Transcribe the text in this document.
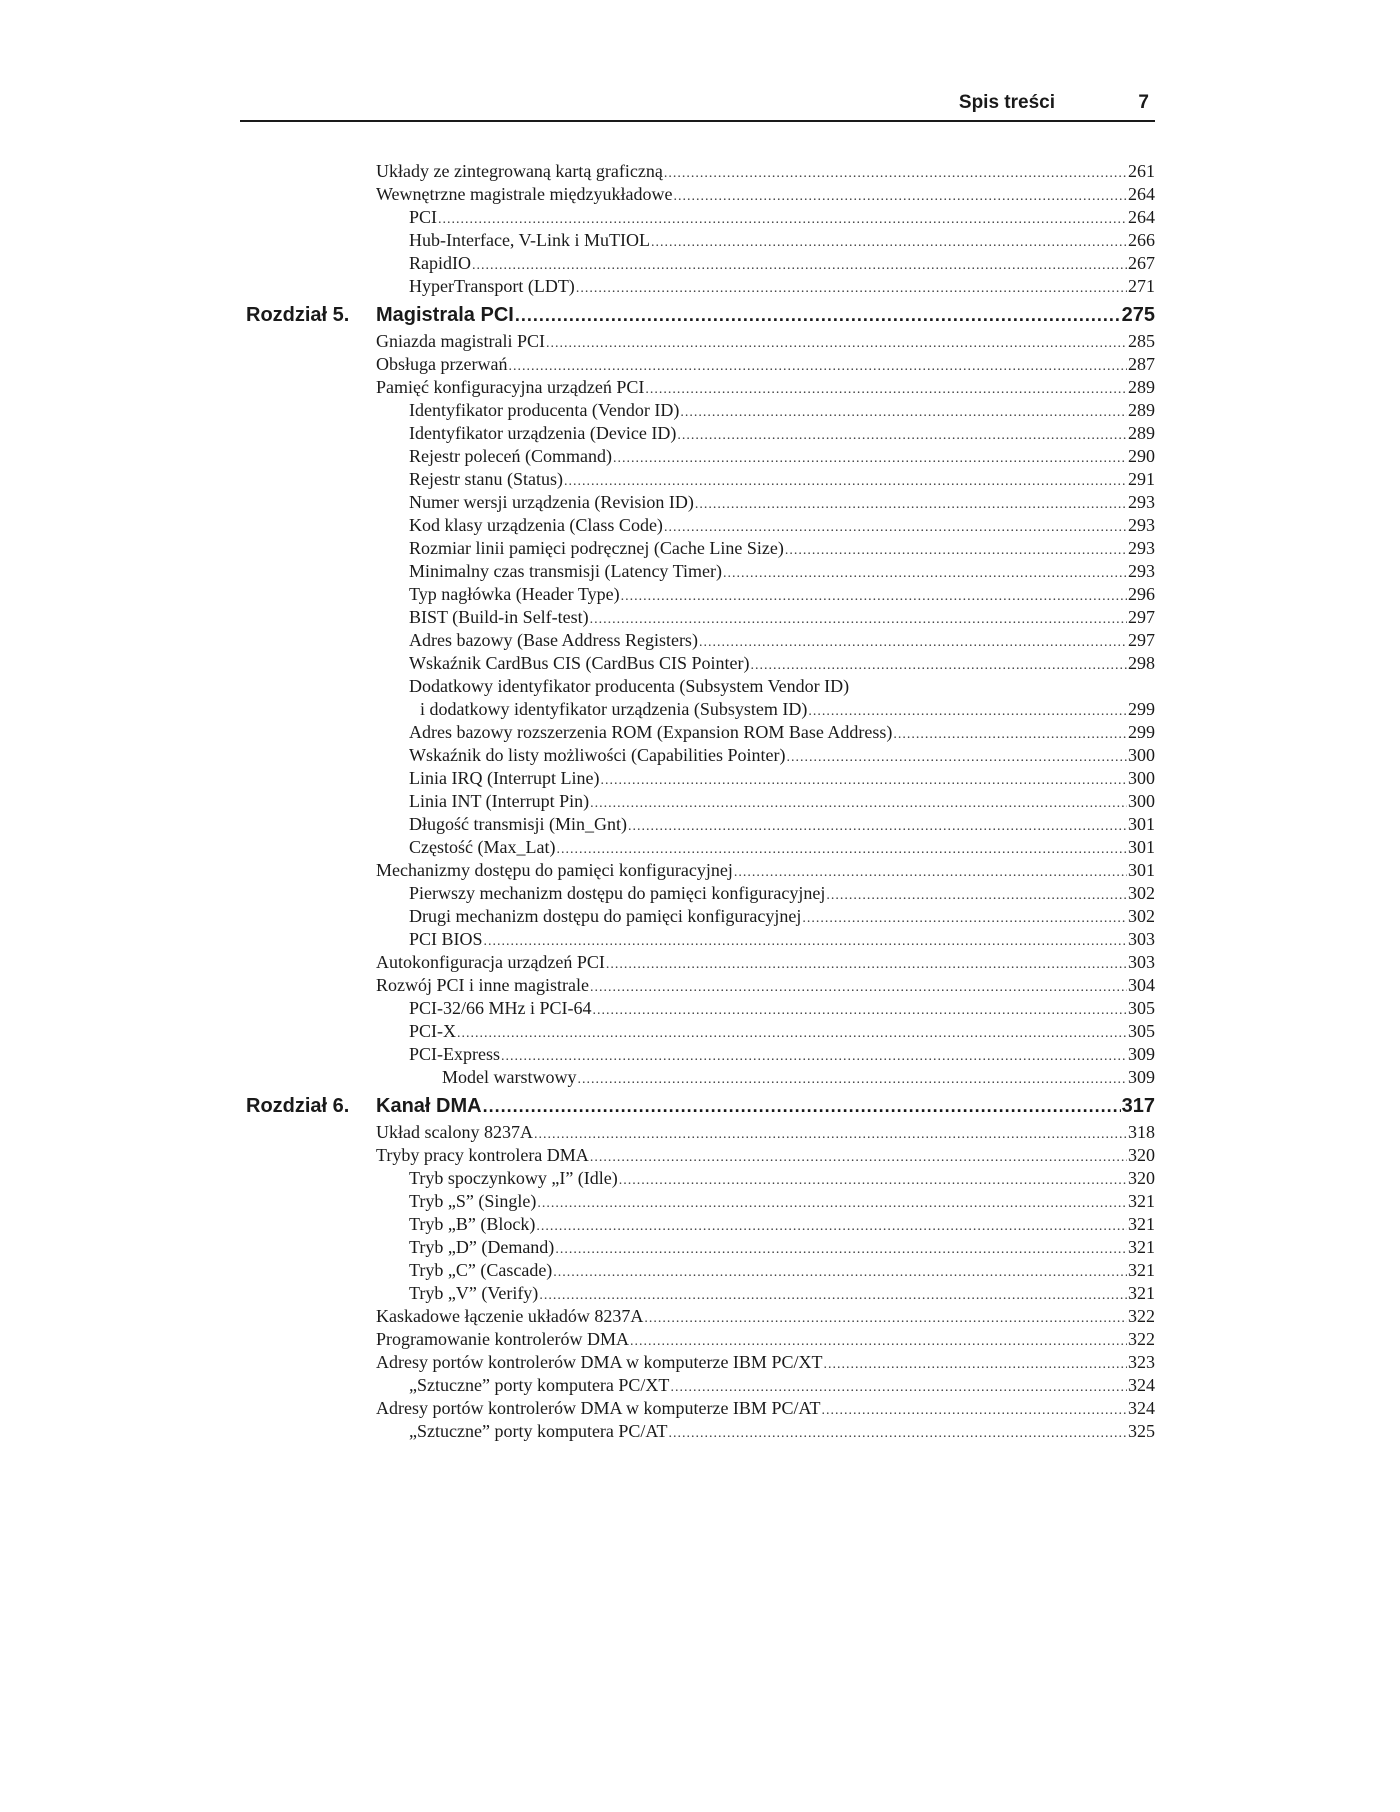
Spis treści	7
Układy ze zintegrowaną kartą graficzną .....	261
Wewnętrzne magistrale międzyukładowe .....	264
PCI .....	264
Hub-Interface, V-Link i MuTIOL .....	266
RapidIO .....	267
HyperTransport (LDT) .....	271
Rozdział 5. Magistrala PCI .....	275
Gniazda magistrali PCI .....	285
Obsługa przerwań .....	287
Pamięć konfiguracyjna urządzeń PCI .....	289
Identyfikator producenta (Vendor ID) .....	289
Identyfikator urządzenia (Device ID) .....	289
Rejestr poleceń (Command) .....	290
Rejestr stanu (Status) .....	291
Numer wersji urządzenia (Revision ID) .....	293
Kod klasy urządzenia (Class Code) .....	293
Rozmiar linii pamięci podręcznej (Cache Line Size) .....	293
Minimalny czas transmisji (Latency Timer) .....	293
Typ nagłówka (Header Type) .....	296
BIST (Build-in Self-test) .....	297
Adres bazowy (Base Address Registers) .....	297
Wskaźnik CardBus CIS (CardBus CIS Pointer) .....	298
Dodatkowy identyfikator producenta (Subsystem Vendor ID)
i dodatkowy identyfikator urządzenia (Subsystem ID) .....	299
Adres bazowy rozszerzenia ROM (Expansion ROM Base Address) .....	299
Wskaźnik do listy możliwości (Capabilities Pointer) .....	300
Linia IRQ (Interrupt Line) .....	300
Linia INT (Interrupt Pin) .....	300
Długość transmisji (Min_Gnt) .....	301
Częstość (Max_Lat) .....	301
Mechanizmy dostępu do pamięci konfiguracyjnej .....	301
Pierwszy mechanizm dostępu do pamięci konfiguracyjnej .....	302
Drugi mechanizm dostępu do pamięci konfiguracyjnej .....	302
PCI BIOS .....	303
Autokonfiguracja urządzeń PCI .....	303
Rozwój PCI i inne magistrale .....	304
PCI-32/66 MHz i PCI-64 .....	305
PCI-X .....	305
PCI-Express .....	309
Model warstwowy .....	309
Rozdział 6. Kanał DMA .....	317
Układ scalony 8237A .....	318
Tryby pracy kontrolera DMA .....	320
Tryb spoczynkowy „I” (Idle) .....	320
Tryb „S” (Single) .....	321
Tryb „B” (Block) .....	321
Tryb „D” (Demand) .....	321
Tryb „C” (Cascade) .....	321
Tryb „V” (Verify) .....	321
Kaskadowe łączenie układów 8237A .....	322
Programowanie kontrolerów DMA .....	322
Adresy portów kontrolerów DMA w komputerze IBM PC/XT .....	323
„Sztuczne” porty komputera PC/XT .....	324
Adresy portów kontrolerów DMA w komputerze IBM PC/AT .....	324
„Sztuczne” porty komputera PC/AT .....	325
